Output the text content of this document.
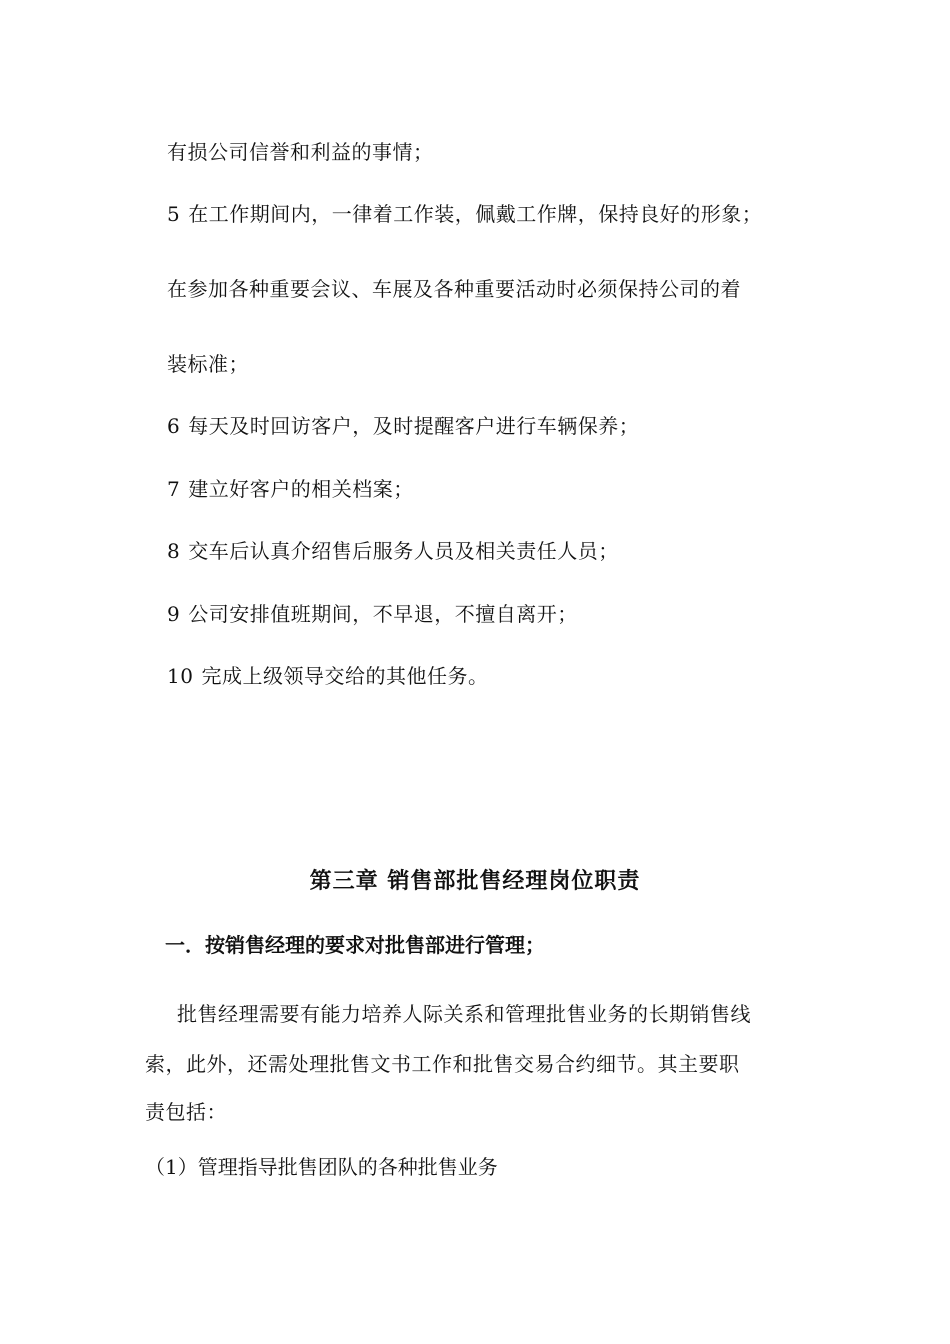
有损公司信誉和利益的事情；
5 在工作期间内，一律着工作装，佩戴工作牌，保持良好的形象；
在参加各种重要会议、车展及各种重要活动时必须保持公司的着
装标准；
6 每天及时回访客户，及时提醒客户进行车辆保养；
7 建立好客户的相关档案；
8 交车后认真介绍售后服务人员及相关责任人员；
9 公司安排值班期间，不早退，不擅自离开；
10 完成上级领导交给的其他任务。
第三章 销售部批售经理岗位职责
一．按销售经理的要求对批售部进行管理；
批售经理需要有能力培养人际关系和管理批售业务的长期销售线
索，此外，还需处理批售文书工作和批售交易合约细节。其主要职
责包括：
（1）管理指导批售团队的各种批售业务
